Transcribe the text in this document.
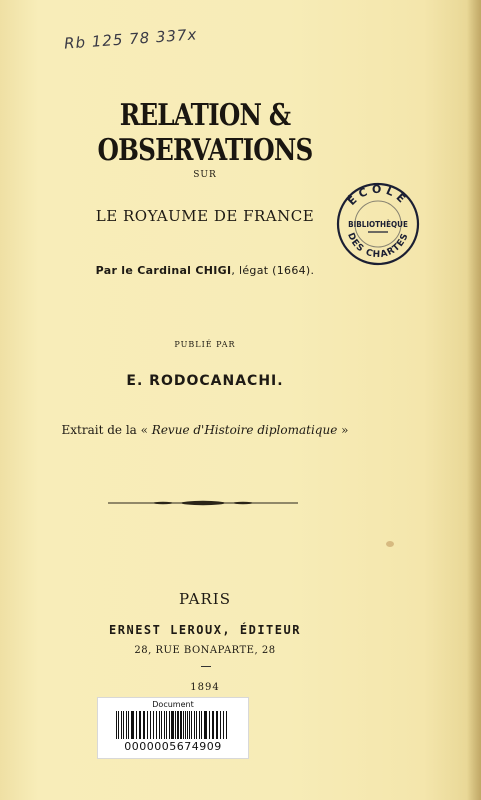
Rb 125 78 337x
RELATION & OBSERVATIONS
SUR
LE ROYAUME DE FRANCE
Par le Cardinal CHIGI, légat (1664).
PUBLIÉ PAR
E. RODOCANACHI.
Extrait de la « Revue d'Histoire diplomatique »
PARIS
ERNEST LEROUX, ÉDITEUR
28, RUE BONAPARTE, 28
1894
ÉCOLE
BIBLIOTHÈQUE
DES CHARTES
Document
0000005674909
